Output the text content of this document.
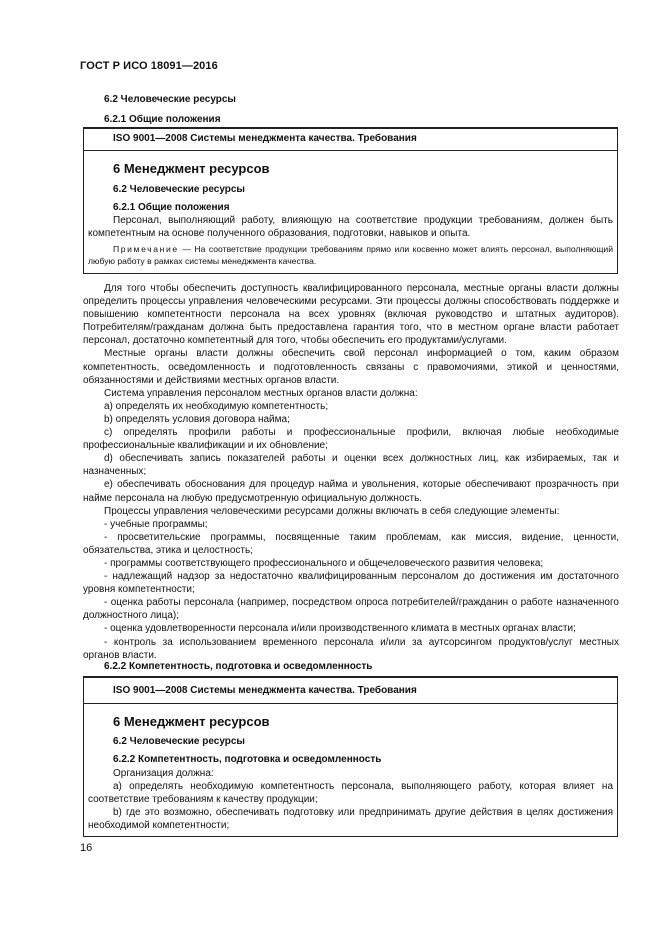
ГОСТ Р ИСО 18091—2016
6.2 Человеческие ресурсы
6.2.1 Общие положения
ISO 9001—2008 Системы менеджмента качества. Требования
6 Менеджмент ресурсов
6.2 Человеческие ресурсы
6.2.1 Общие положения

Персонал, выполняющий работу, влияющую на соответствие продукции требованиям, должен быть компетентным на основе полученного образования, подготовки, навыков и опыта.

Примечание — На соответствие продукции требованиям прямо или косвенно может влиять персонал, выполняющий любую работу в рамках системы менеджмента качества.

Для того чтобы обеспечить доступность квалифицированного персонала, местные органы власти должны определить процессы управления человеческими ресурсами. Эти процессы должны способствовать поддержке и повышению компетентности персонала на всех уровнях (включая руководство и штатных аудиторов). Потребителям/гражданам должна быть предоставлена гарантия того, что в местном органе власти работает персонал, достаточно компетентный для того, чтобы обеспечить его продуктами/услугами.

Местные органы власти должны обеспечить свой персонал информацией о том, каким образом компетентность, осведомленность и подготовленность связаны с правомочиями, этикой и ценностями, обязанностями и действиями местных органов власти.

Система управления персоналом местных органов власти должна:

a) определять их необходимую компетентность;

b) определять условия договора найма;

c) определять профили работы и профессиональные профили, включая любые необходимые профессиональные квалификации и их обновление;

d) обеспечивать запись показателей работы и оценки всех должностных лиц, как избираемых, так и назначенных;

e) обеспечивать обоснования для процедур найма и увольнения, которые обеспечивают прозрачность при найме персонала на любую предусмотренную официальную должность.

Процессы управления человеческими ресурсами должны включать в себя следующие элементы:

- учебные программы;

- просветительские программы, посвященные таким проблемам, как миссия, видение, ценности, обязательства, этика и целостность;

- программы соответствующего профессионального и общечеловеческого развития человека;

- надлежащий надзор за недостаточно квалифицированным персоналом до достижения им достаточного уровня компетентности;

- оценка работы персонала (например, посредством опроса потребителей/гражданин о работе назначенного должностного лица);

- оценка удовлетворенности персонала и/или производственного климата в местных органах власти;

- контроль за использованием временного персонала и/или за аутсорсингом продуктов/услуг местных органов власти.

6.2.2 Компетентность, подготовка и осведомленность
ISO 9001—2008 Системы менеджмента качества. Требования
6 Менеджмент ресурсов
6.2 Человеческие ресурсы
6.2.2 Компетентность, подготовка и осведомленность

Организация должна:

a) определять необходимую компетентность персонала, выполняющего работу, которая влияет на соответствие требованиям к качеству продукции;

b) где это возможно, обеспечивать подготовку или предпринимать другие действия в целях достижения необходимой компетентности;

16
